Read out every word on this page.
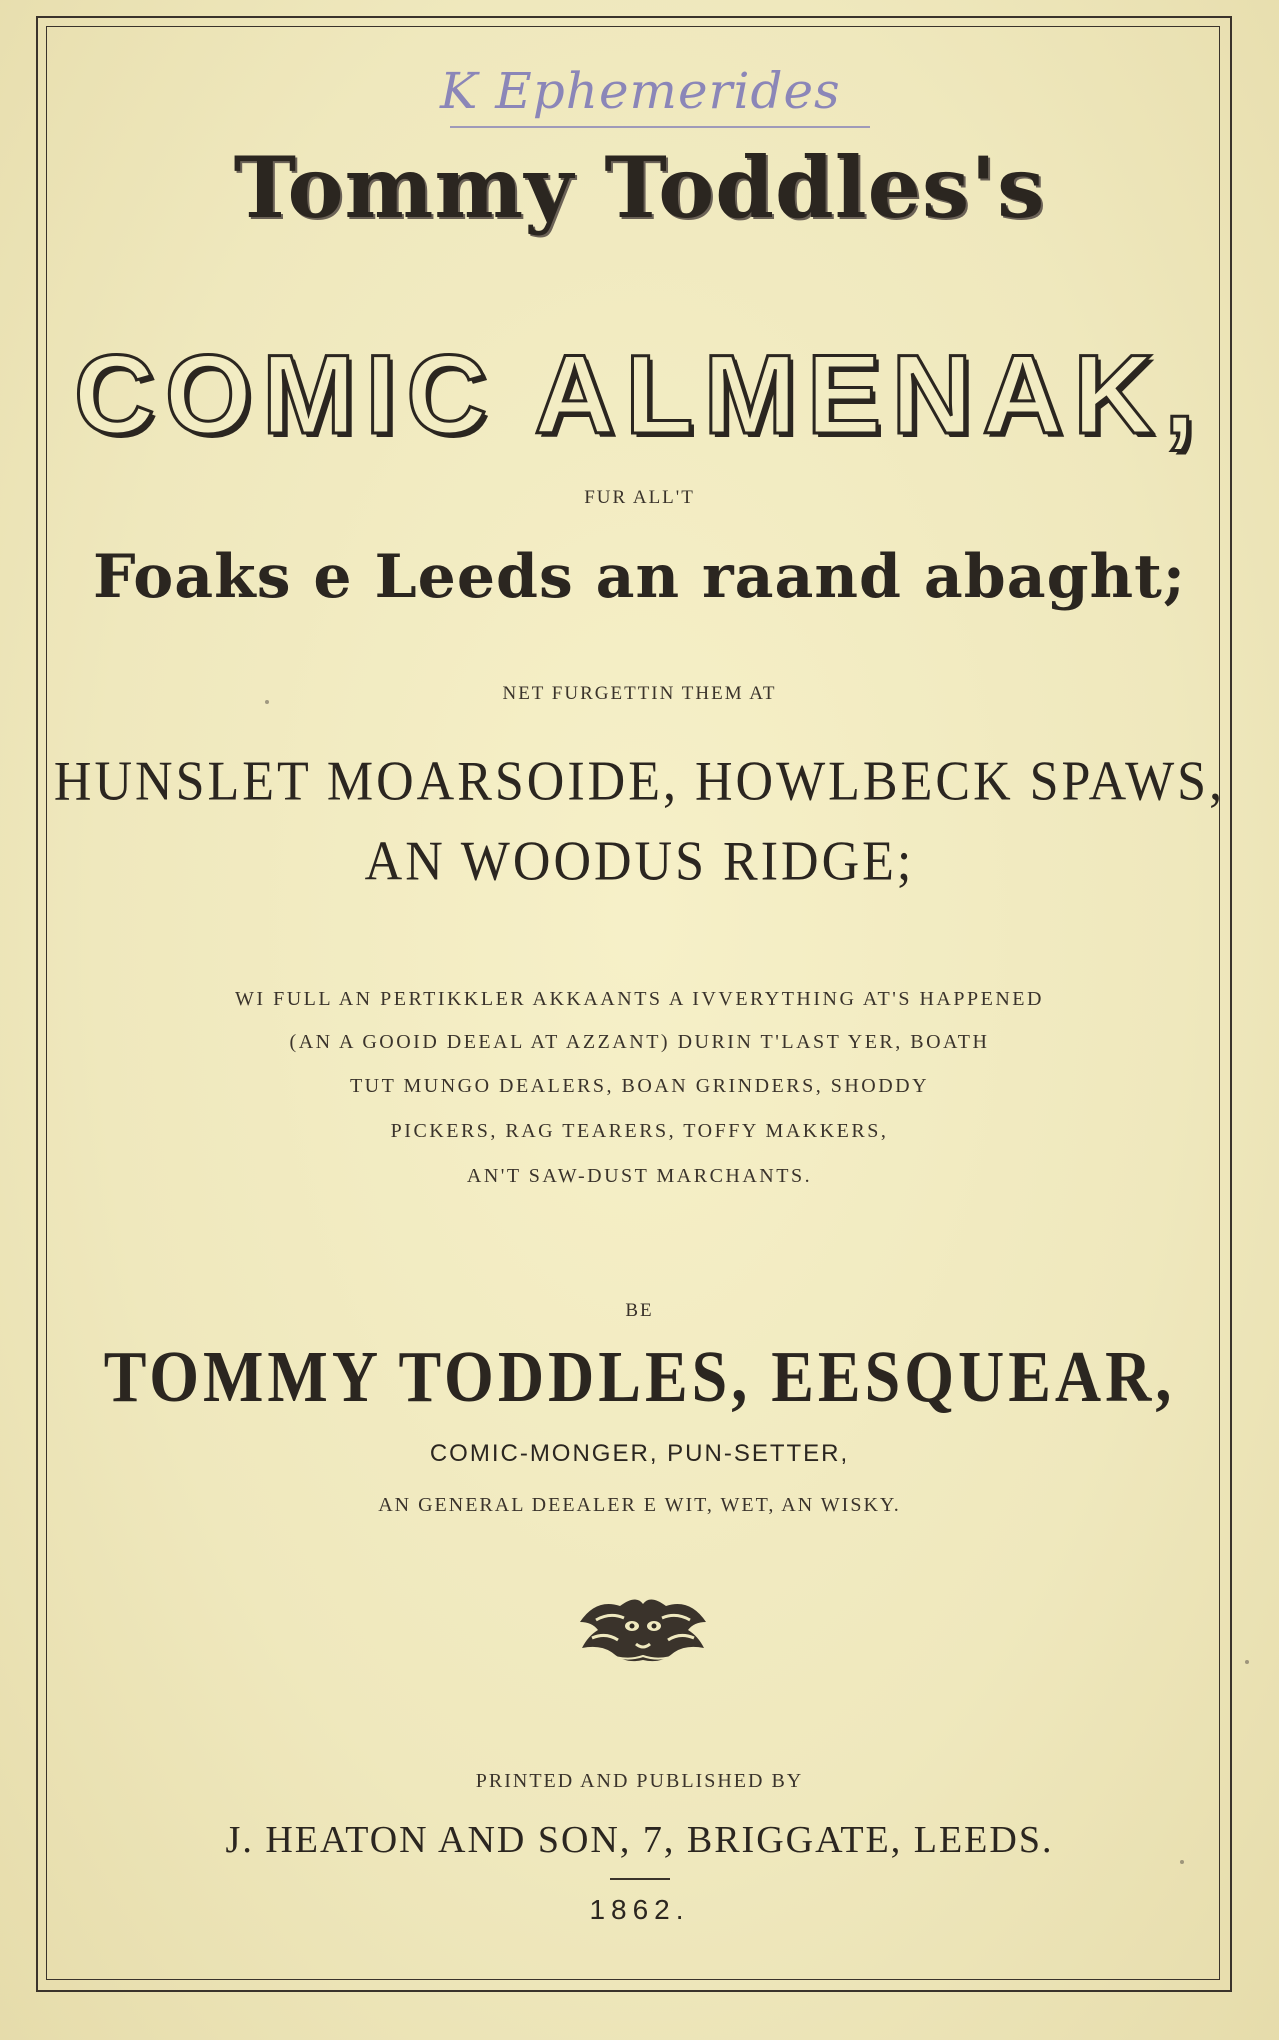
K Ephemerides
Tommy Toddles's
COMIC ALMENAK,
FUR ALL'T
Foaks e Leeds an raand abaght;
NET FURGETTIN THEM AT
HUNSLET MOARSOIDE, HOWLBECK SPAWS,
AN WOODUS RIDGE;
WI FULL AN PERTIKKLER AKKAANTS A IVVERYTHING AT'S HAPPENED
(AN A GOOID DEEAL AT AZZANT) DURIN T'LAST YER, BOATH
TUT MUNGO DEALERS, BOAN GRINDERS, SHODDY
PICKERS, RAG TEARERS, TOFFY MAKKERS,
AN'T SAW-DUST MARCHANTS.
BE
TOMMY TODDLES, EESQUEAR,
COMIC-MONGER, PUN-SETTER,
AN GENERAL DEEALER E WIT, WET, AN WISKY.
PRINTED AND PUBLISHED BY
J. HEATON AND SON, 7, BRIGGATE, LEEDS.
1862.
